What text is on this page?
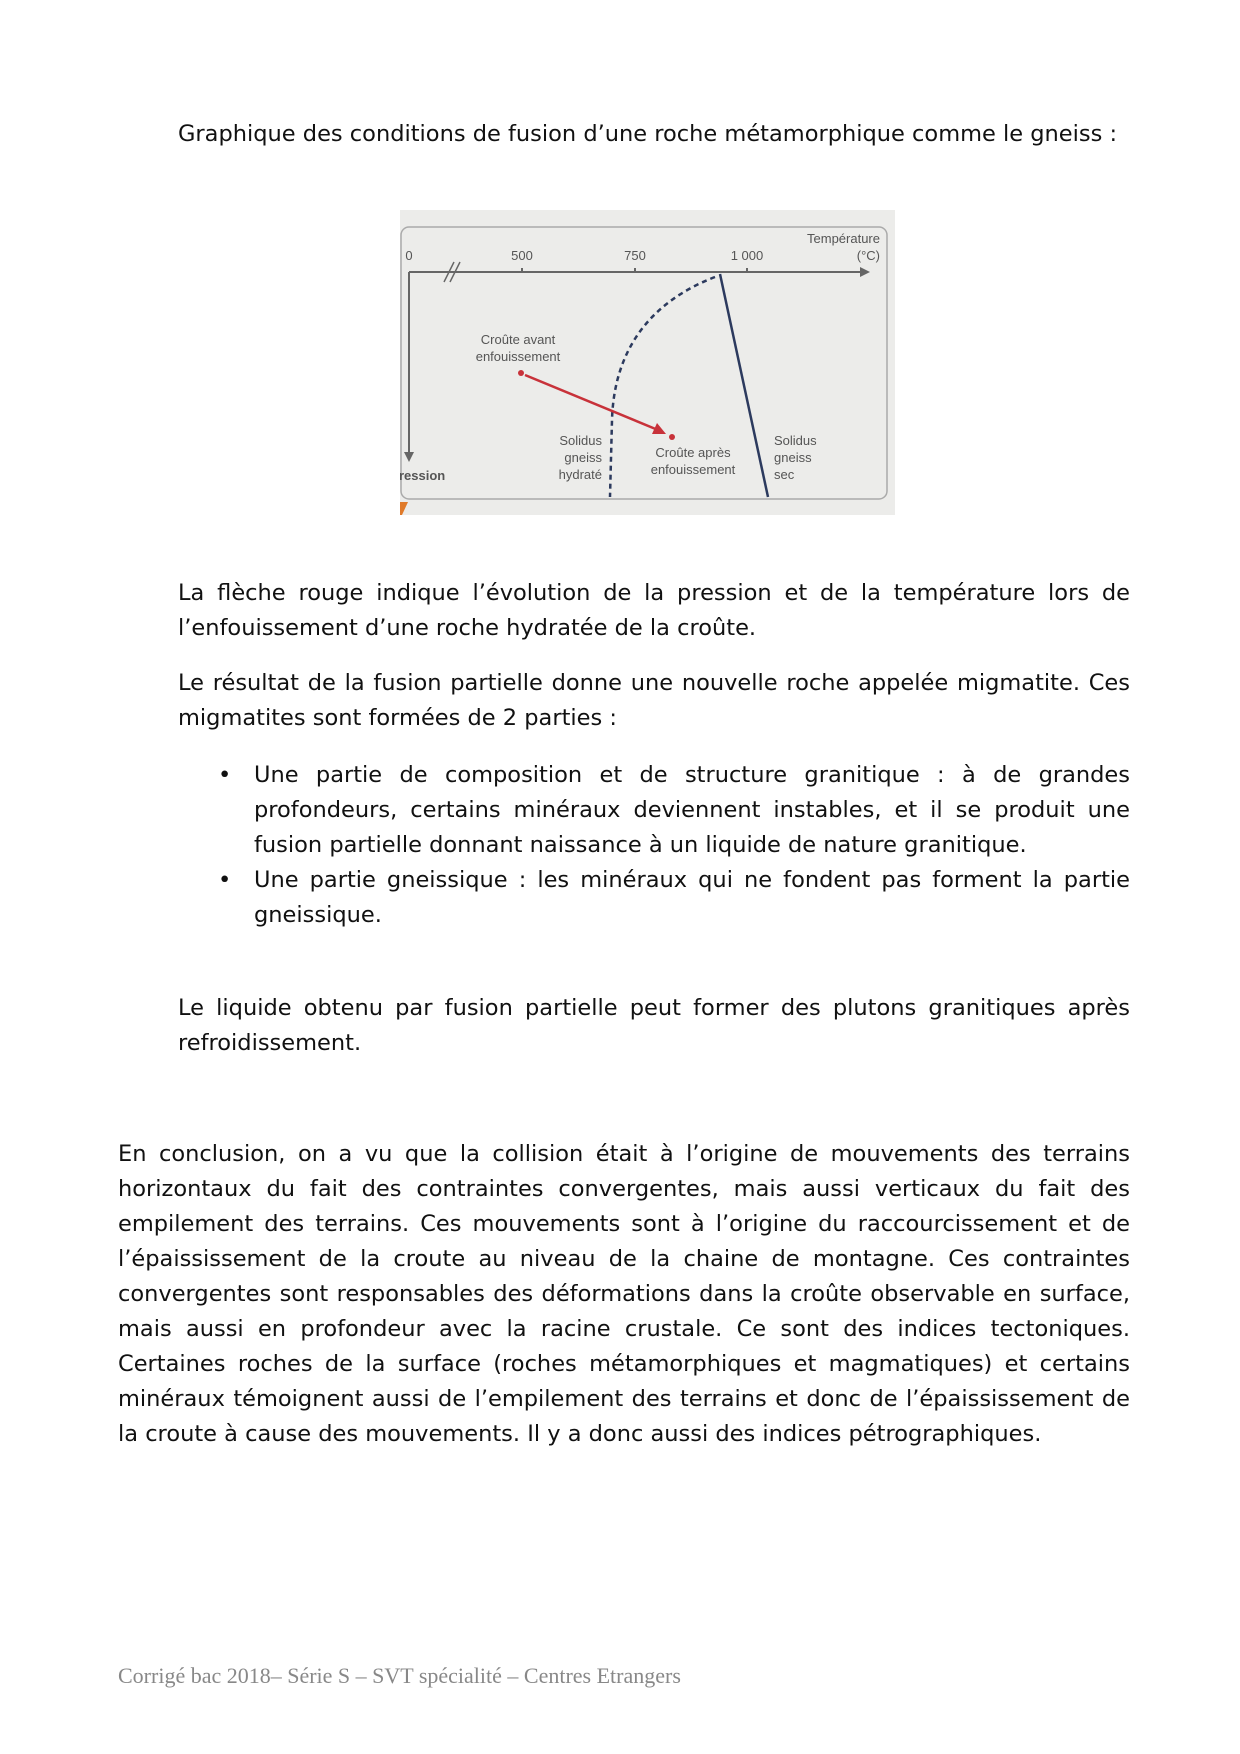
Graphique des conditions de fusion d’une roche métamorphique comme le gneiss :

0	500	750	1 000
Température
(°C)
ression
Croûte avant
enfouissement
Croûte après
enfouissement
Solidus
gneiss
hydraté
Solidus
gneiss
sec

La flèche rouge indique l’évolution de la pression et de la température lors de l’enfouissement d’une roche hydratée de la croûte.

Le résultat de la fusion partielle donne une nouvelle roche appelée migmatite. Ces migmatites sont formées de 2 parties :

• Une partie de composition et de structure granitique : à de grandes profondeurs, certains minéraux deviennent instables, et il se produit une fusion partielle donnant naissance à un liquide de nature granitique.
• Une partie gneissique : les minéraux qui ne fondent pas forment la partie gneissique.

Le liquide obtenu par fusion partielle peut former des plutons granitiques après refroidissement.

En conclusion, on a vu que la collision était à l’origine de mouvements des terrains horizontaux du fait des contraintes convergentes, mais aussi verticaux du fait des empilement des terrains. Ces mouvements sont à l’origine du raccourcissement et de l’épaississement de la croute au niveau de la chaine de montagne. Ces contraintes convergentes sont responsables des déformations dans la croûte observable en surface, mais aussi en profondeur avec la racine crustale. Ce sont des indices tectoniques. Certaines roches de la surface (roches métamorphiques et magmatiques) et certains minéraux témoignent aussi de l’empilement des terrains et donc de l’épaississement de la croute à cause des mouvements. Il y a donc aussi des indices pétrographiques.

Corrigé bac 2018– Série S – SVT spécialité – Centres Etrangers
